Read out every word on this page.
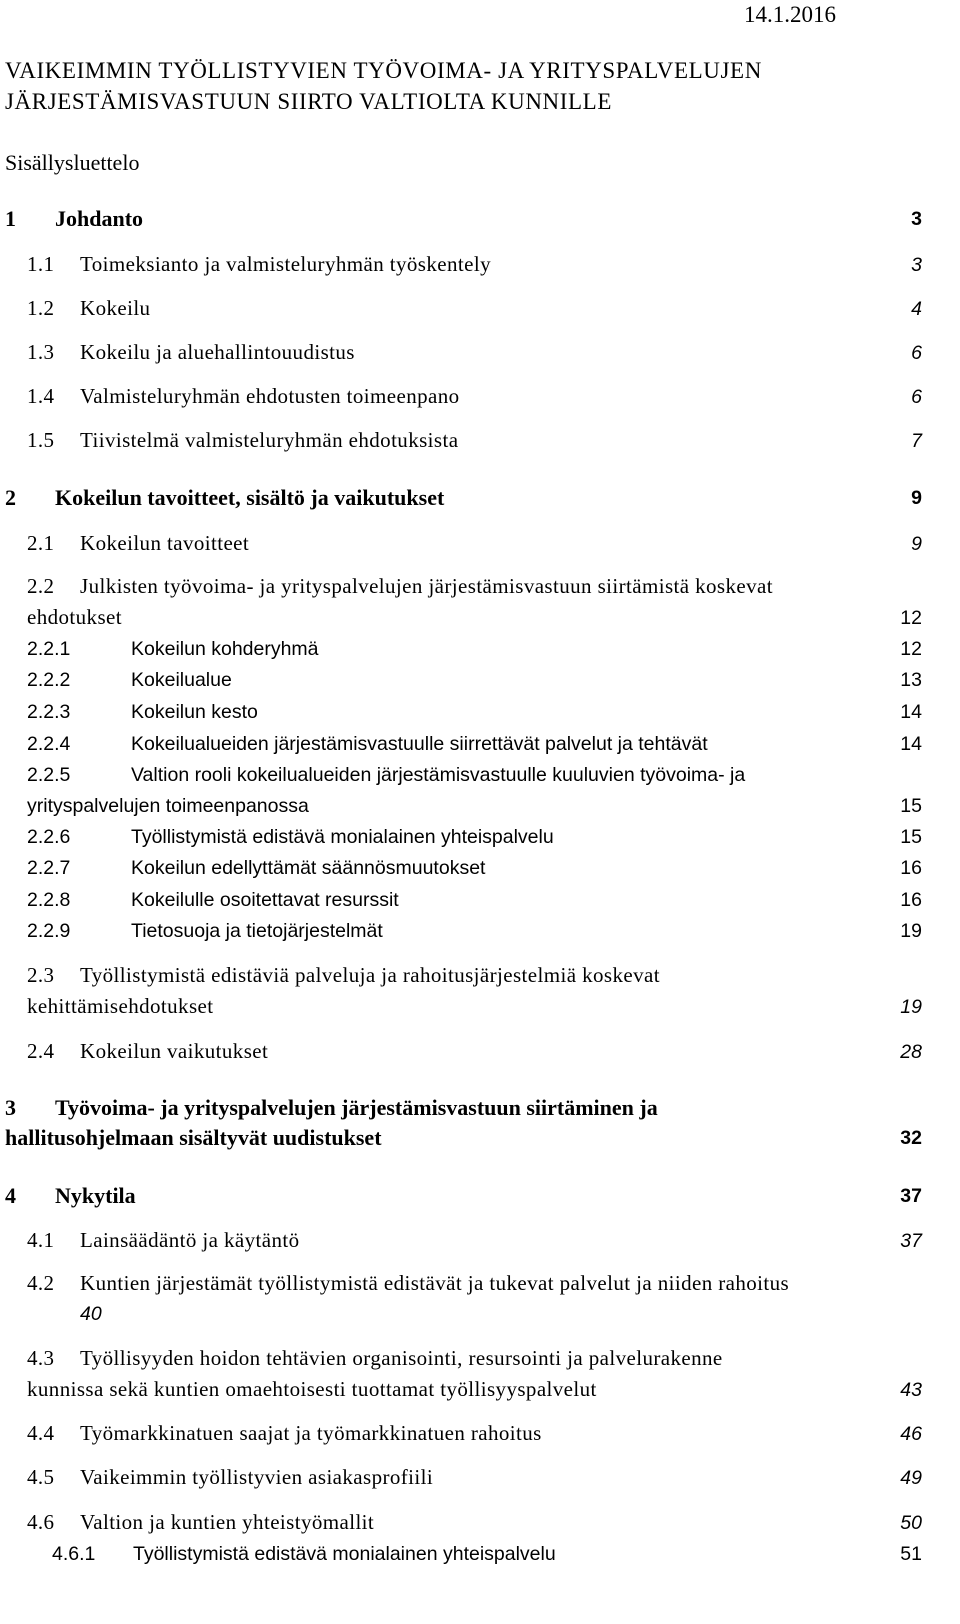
14.1.2016
VAIKEIMMIN TYÖLLISTYVIEN TYÖVOIMA- JA YRITYSPALVELUJEN
JÄRJESTÄMISVASTUUN SIIRTO VALTIOLTA KUNNILLE
Sisällysluettelo
1 Johdanto	3
1.1 Toimeksianto ja valmisteluryhmän työskentely	3
1.2 Kokeilu	4
1.3 Kokeilu ja aluehallintouudistus	6
1.4 Valmisteluryhmän ehdotusten toimeenpano	6
1.5 Tiivistelmä valmisteluryhmän ehdotuksista	7
2 Kokeilun tavoitteet, sisältö ja vaikutukset	9
2.1 Kokeilun tavoitteet	9
2.2 Julkisten työvoima- ja yrityspalvelujen järjestämisvastuun siirtämistä koskevat
ehdotukset	12
2.2.1	Kokeilun kohderyhmä	12
2.2.2	Kokeilualue	13
2.2.3	Kokeilun kesto	14
2.2.4	Kokeilualueiden järjestämisvastuulle siirrettävät palvelut ja tehtävät	14
2.2.5	Valtion rooli kokeilualueiden järjestämisvastuulle kuuluvien työvoima- ja
yrityspalvelujen toimeenpanossa	15
2.2.6	Työllistymistä edistävä monialainen yhteispalvelu	15
2.2.7	Kokeilun edellyttämät säännösmuutokset	16
2.2.8	Kokeilulle osoitettavat resurssit	16
2.2.9	Tietosuoja ja tietojärjestelmät	19
2.3 Työllistymistä edistäviä palveluja ja rahoitusjärjestelmiä koskevat
kehittämisehdotukset	19
2.4 Kokeilun vaikutukset	28
3 Työvoima- ja yrityspalvelujen järjestämisvastuun siirtäminen ja
hallitusohjelmaan sisältyvät uudistukset	32
4 Nykytila	37
4.1 Lainsäädäntö ja käytäntö	37
4.2 Kuntien järjestämät työllistymistä edistävät ja tukevat palvelut ja niiden rahoitus
40
4.3 Työllisyyden hoidon tehtävien organisointi, resursointi ja palvelurakenne
kunnissa sekä kuntien omaehtoisesti tuottamat työllisyyspalvelut	43
4.4 Työmarkkinatuen saajat ja työmarkkinatuen rahoitus	46
4.5 Vaikeimmin työllistyvien asiakasprofiili	49
4.6 Valtion ja kuntien yhteistyömallit	50
4.6.1 Työllistymistä edistävä monialainen yhteispalvelu	51
